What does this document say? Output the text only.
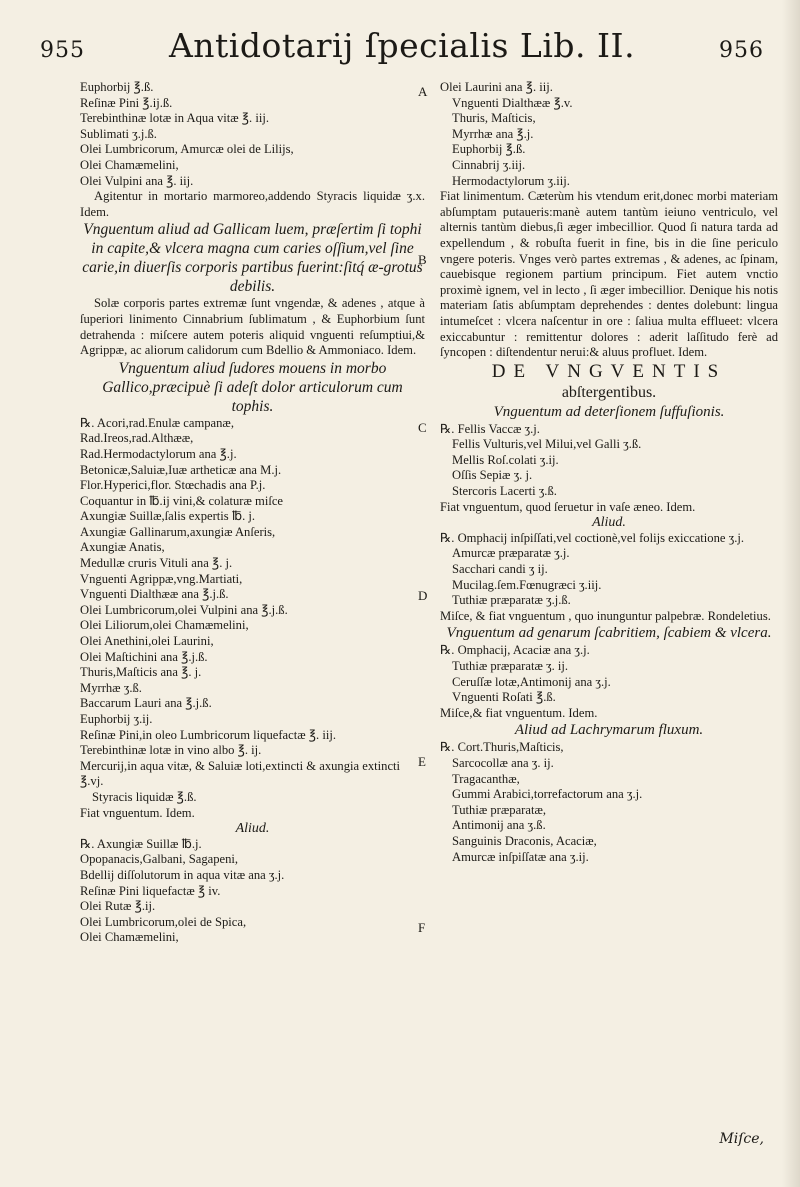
955	Antidotarij ſpecialis Lib. II.	956
A
B
C
D
E
F

Euphorbij ℥.ß.

Reſinæ Pini ℥.ij.ß.

Terebinthinæ lotæ in Aqua vitæ ℥. iij.

Sublimati ʒ.j.ß.

Olei Lumbricorum, Amurcæ olei de Lilijs,

Olei Chamæmelini,

Olei Vulpini ana ℥. iij.

Agitentur in mortario marmoreo,addendo Styracis liquidæ ʒ.x. Idem.

Vnguentum aliud ad Gallicam luem, præſertim ſi tophi in capite,& vlcera magna cum caries oſſium,vel ſine carie,in diuerſis corporis partibus fuerint:ſitq́ æ-grotus debilis.

Solæ corporis partes extremæ ſunt vngendæ, & adenes , atque à ſuperiori linimento Cinnabrium ſublimatum , & Euphorbium ſunt detrahenda : miſcere autem poteris aliquid vnguenti reſumptiui,& Agrippæ, ac aliorum calidorum cum Bdellio & Ammoniaco. Idem.

Vnguentum aliud ſudores mouens in morbo Gallico,præcipuè ſi adeſt dolor articulorum cum tophis.

℞. Acori,rad.Enulæ campanæ,

Rad.Ireos,rad.Althææ,

Rad.Hermodactylorum ana ℥.j.

Betonicæ,Saluiæ,Iuæ artheticæ ana M.j.

Flor.Hyperici,flor. Stœchadis ana P.j.

Coquantur in ℔.ij vini,& colaturæ miſce

Axungiæ Suillæ,ſalis expertis ℔. j.

Axungiæ Gallinarum,axungiæ Anſeris,

Axungiæ Anatis,

Medullæ cruris Vituli ana ℥. j.

Vnguenti Agrippæ,vng.Martiati,

Vnguenti Dialthææ ana ℥.j.ß.

Olei Lumbricorum,olei Vulpini ana ℥.j.ß.

Olei Liliorum,olei Chamæmelini,

Olei Anethini,olei Laurini,

Olei Maſtichini ana ℥.j.ß.

Thuris,Maſticis ana ℥. j.

Myrrhæ ʒ.ß.

Baccarum Lauri ana ℥.j.ß.

Euphorbij ʒ.ij.

Reſinæ Pini,in oleo Lumbricorum liquefactæ ℥. iij.

Terebinthinæ lotæ in vino albo ℥. ij.

Mercurij,in aqua vitæ, & Saluiæ loti,extincti & axungia extincti ℥.vj.

Styracis liquidæ ℥.ß.

Fiat vnguentum. Idem.

Aliud.

℞. Axungiæ Suillæ ℔.j.

Opopanacis,Galbani, Sagapeni,

Bdellij diſſolutorum in aqua vitæ ana ʒ.j.

Reſinæ Pini liquefactæ ℥ iv.

Olei Rutæ ℥.ij.

Olei Lumbricorum,olei de Spica,

Olei Chamæmelini,

Olei Laurini ana ℥. iij.

Vnguenti Dialthææ ℥.v.

Thuris, Maſticis,

Myrrhæ ana ℥.j.

Euphorbij ℥.ß.

Cinnabrij ʒ.iij.

Hermodactylorum ʒ.iij.

Fiat linimentum. Cæterùm his vtendum erit,donec morbi materiam abſumptam putaueris:manè autem tantùm ieiuno ventriculo, vel alternis tantùm diebus,ſi æger imbecillior. Quod ſi natura tarda ad expellendum , & robuſta fuerit in fine, bis in die ſine periculo vngere poteris. Vnges verò partes extremas , & adenes, ac ſpinam, cauebisque regionem partium principum. Fiet autem vnctio proximè ignem, vel in lecto , ſi æger imbecillior. Denique his notis materiam ſatis abſumptam deprehendes : dentes dolebunt: lingua intumeſcet : vlcera naſcentur in ore : ſaliua multa efflueet: vlcera exiccabuntur : remittentur dolores : aderit laſſitudo ferè ad ſyncopen : diſtendentur nerui:& aluus profluet. Idem.

DE VNGVENTIS

abſtergentibus.

Vnguentum ad deterſionem ſuffuſionis.

℞. Fellis Vaccæ ʒ.j.

Fellis Vulturis,vel Milui,vel Galli ʒ.ß.

Mellis Roſ.colati ʒ.ij.

Oſſis Sepiæ ʒ. j.

Stercoris Lacerti ʒ.ß.

Fiat vnguentum, quod ſeruetur in vaſe æneo. Idem.

Aliud.

℞. Omphacij inſpiſſati,vel coctionè,vel folijs exiccatione ʒ.j.

Amurcæ præparatæ ʒ.j.

Sacchari candi ʒ ij.

Mucilag.ſem.Fœnugræci ʒ.iij.

Tuthiæ præparatæ ʒ.j.ß.

Miſce, & fiat vnguentum , quo inunguntur palpebræ. Rondeletius.

Vnguentum ad genarum ſcabritiem, ſcabiem & vlcera.

℞. Omphacij, Acaciæ ana ʒ.j.

Tuthiæ præparatæ ʒ. ij.

Ceruſſæ lotæ,Antimonij ana ʒ.j.

Vnguenti Roſati ℥.ß.

Miſce,& fiat vnguentum. Idem.

Aliud ad Lachrymarum fluxum.

℞. Cort.Thuris,Maſticis,

Sarcocollæ ana ʒ. ij.

Tragacanthæ,

Gummi Arabici,torrefactorum ana ʒ.j.

Tuthiæ præparatæ,

Antimonij ana ʒ.ß.

Sanguinis Draconis, Acaciæ,

Amurcæ inſpiſſatæ ana ʒ.ij.

Miſce,
